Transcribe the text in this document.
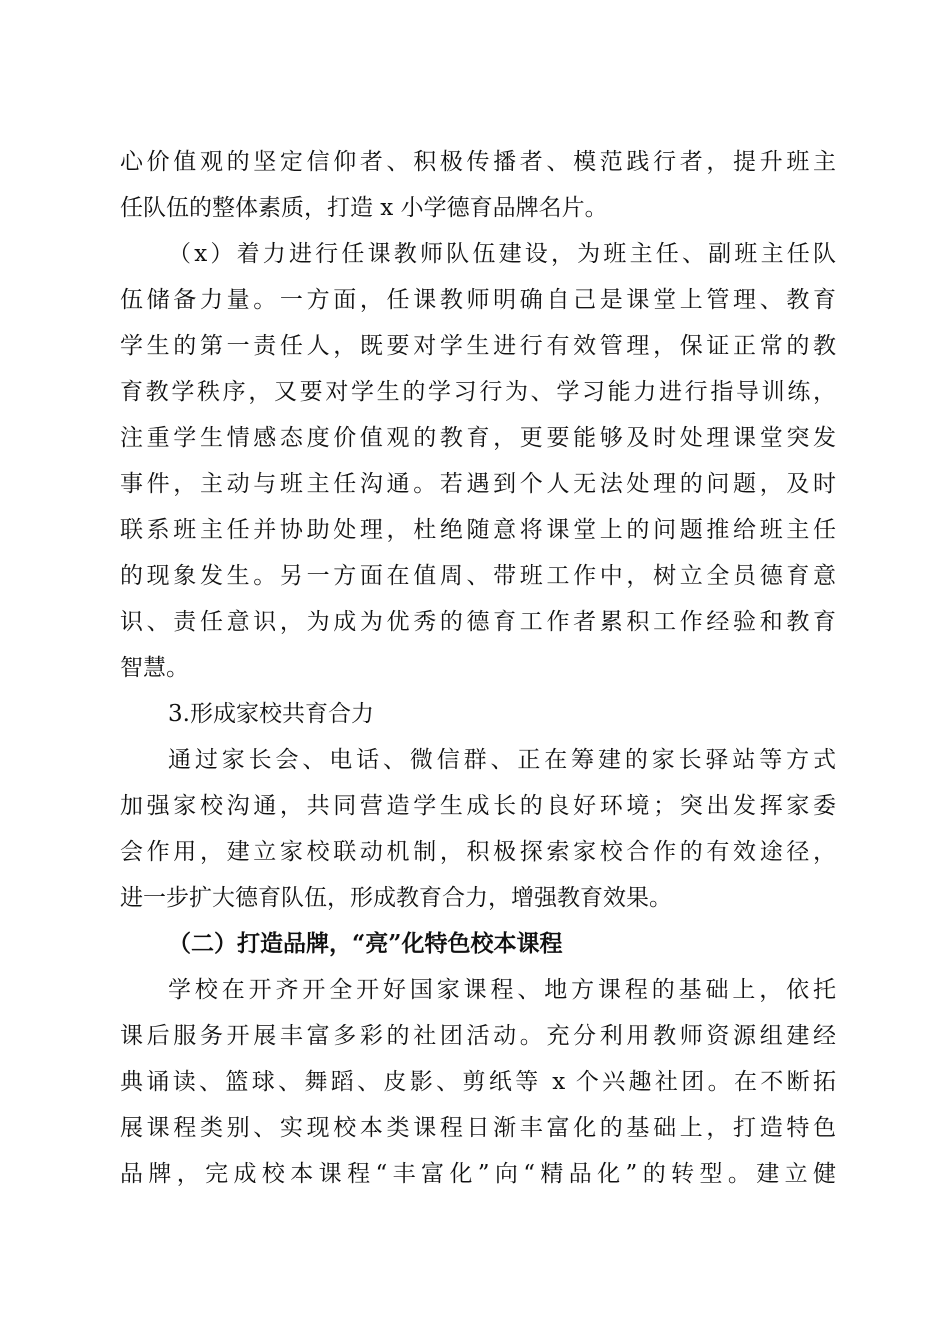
心价值观的坚定信仰者、积极传播者、模范践行者，提升班主

任队伍的整体素质，打造 x 小学德育品牌名片。

（x）着力进行任课教师队伍建设，为班主任、副班主任队

伍储备力量。一方面，任课教师明确自己是课堂上管理、教育

学生的第一责任人，既要对学生进行有效管理，保证正常的教

育教学秩序，又要对学生的学习行为、学习能力进行指导训练，

注重学生情感态度价值观的教育，更要能够及时处理课堂突发

事件，主动与班主任沟通。若遇到个人无法处理的问题，及时

联系班主任并协助处理，杜绝随意将课堂上的问题推给班主任

的现象发生。另一方面在值周、带班工作中，树立全员德育意

识、责任意识，为成为优秀的德育工作者累积工作经验和教育

智慧。

3.形成家校共育合力

通过家长会、电话、微信群、正在筹建的家长驿站等方式

加强家校沟通，共同营造学生成长的良好环境；突出发挥家委

会作用，建立家校联动机制，积极探索家校合作的有效途径，

进一步扩大德育队伍，形成教育合力，增强教育效果。

（二）打造品牌，“亮”化特色校本课程

学校在开齐开全开好国家课程、地方课程的基础上，依托

课后服务开展丰富多彩的社团活动。充分利用教师资源组建经

典诵读、篮球、舞蹈、皮影、剪纸等 x 个兴趣社团。在不断拓

展课程类别、实现校本类课程日渐丰富化的基础上，打造特色

品牌，完成校本课程“丰富化”向“精品化”的转型。建立健
